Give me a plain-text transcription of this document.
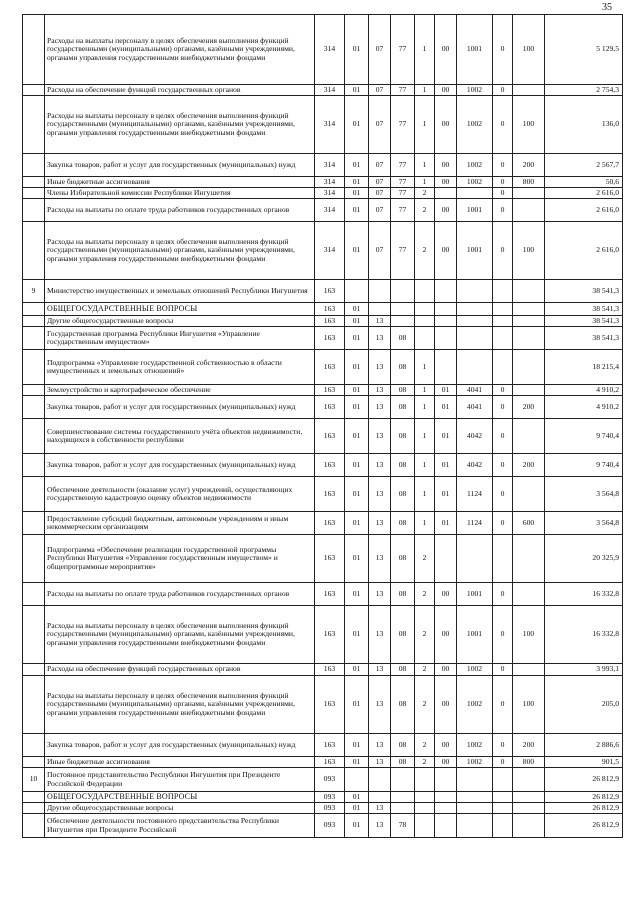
35
	Расходы на выплаты персоналу в целях обеспечения выполнения функций государственными (муниципальными) органами, казёнными учреждениями, органами управления государственными внебюджетными фондами	314	01	07	77	1	00	1001	0	100	5 129,5
	Расходы на обеспечение функций государственных органов	314	01	07	77	1	00	1002	0		2 754,3
	Расходы на выплаты персоналу в целях обеспечения выполнения функций государственными (муниципальными) органами, казёнными учреждениями, органами управления государственными внебюджетными фондами	314	01	07	77	1	00	1002	0	100	136,0
	Закупка товаров, работ и услуг для государственных (муниципальных) нужд	314	01	07	77	1	00	1002	0	200	2 567,7
	Иные бюджетные ассигнования	314	01	07	77	1	00	1002	0	800	50,6
	Члены Избирательной комиссии Республики Ингушетия	314	01	07	77	2			0		2 616,0
	Расходы на выплаты по оплате труда работников государственных органов	314	01	07	77	2	00	1001	0		2 616,0
	Расходы на выплаты персоналу в целях обеспечения выполнения функций государственными (муниципальными) органами, казёнными учреждениями, органами управления государственными внебюджетными фондами	314	01	07	77	2	00	1001	0	100	2 616,0
9	Министерство имущественных и земельных отношений Республики Ингушетия	163									38 541,3
	ОБЩЕГОСУДАРСТВЕННЫЕ ВОПРОСЫ	163	01								38 541,3
	Другие общегосударственные вопросы	163	01	13							38 541,3
	Государственная программа Республики Ингушетия «Управление государственным имуществом»	163	01	13	08						38 541,3
	Подпрограмма «Управление государственной собственностью в области имущественных и земельных отношений»	163	01	13	08	1					18 215,4
	Землеустройство и картографическое обеспечение	163	01	13	08	1	01	4041	0		4 910,2
	Закупка товаров, работ и услуг для государственных (муниципальных) нужд	163	01	13	08	1	01	4041	0	200	4 910,2
	Совершенствование системы государственного учёта объектов недвижимости, находящихся в собственности республики	163	01	13	08	1	01	4042	0		9 740,4
	Закупка товаров, работ и услуг для государственных (муниципальных) нужд	163	01	13	08	1	01	4042	0	200	9 740,4
	Обеспечение деятельности (оказание услуг) учреждений, осуществляющих государственную кадастровую оценку объектов недвижимости	163	01	13	08	1	01	1124	0		3 564,8
	Предоставление субсидий бюджетным, автономным учреждениям и иным некоммерческим организациям	163	01	13	08	1	01	1124	0	600	3 564,8
	Подпрограмма «Обеспечение реализации государственной программы Республики Ингушетия «Управление государственным имуществом» и общепрограммные мероприятия»	163	01	13	08	2					20 325,9
	Расходы на выплаты по оплате труда работников государственных органов	163	01	13	08	2	00	1001	0		16 332,8
	Расходы на выплаты персоналу в целях обеспечения выполнения функций государственными (муниципальными) органами, казёнными учреждениями, органами управления государственными внебюджетными фондами	163	01	13	08	2	00	1001	0	100	16 332,8
	Расходы на обеспечение функций государственных органов	163	01	13	08	2	00	1002	0		3 993,1
	Расходы на выплаты персоналу в целях обеспечения выполнения функций государственными (муниципальными) органами, казёнными учреждениями, органами управления государственными внебюджетными фондами	163	01	13	08	2	00	1002	0	100	205,0
	Закупка товаров, работ и услуг для государственных (муниципальных) нужд	163	01	13	08	2	00	1002	0	200	2 886,6
	Иные бюджетные ассигнования	163	01	13	08	2	00	1002	0	800	901,5
10	Постоянное представительство Республики Ингушетия при Президенте Российской Федерации	093									26 812,9
	ОБЩЕГОСУДАРСТВЕННЫЕ ВОПРОСЫ	093	01								26 812,9
	Другие общегосударственные вопросы	093	01	13							26 812,9
	Обеспечение деятельности постоянного представительства Республики Ингушетия при Президенте Российской	093	01	13	78						26 812,9
